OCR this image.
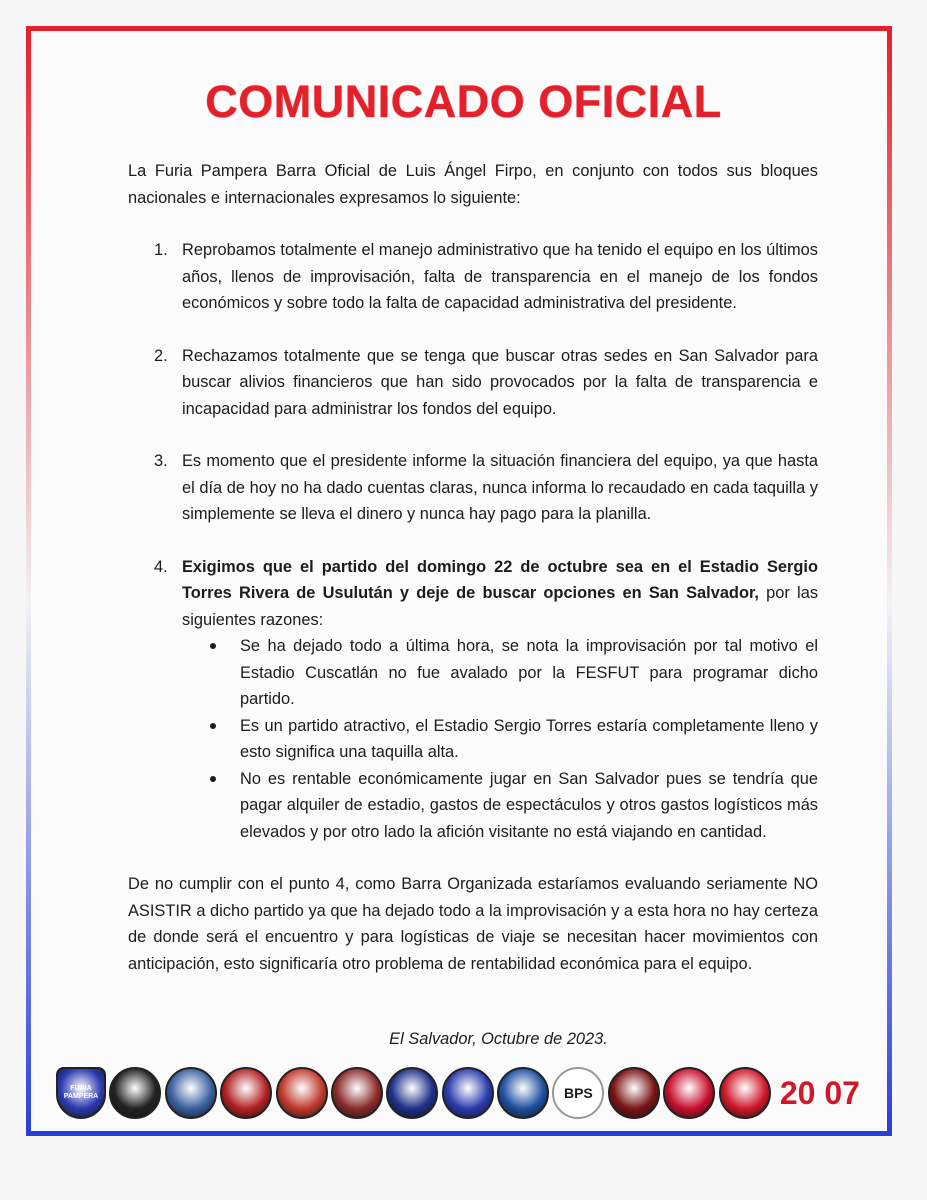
COMUNICADO OFICIAL

La Furia Pampera Barra Oficial de Luis Ángel Firpo, en conjunto con todos sus bloques nacionales e internacionales expresamos lo siguiente:

1. Reprobamos totalmente el manejo administrativo que ha tenido el equipo en los últimos años, llenos de improvisación, falta de transparencia en el manejo de los fondos económicos y sobre todo la falta de capacidad administrativa del presidente.
2. Rechazamos totalmente que se tenga que buscar otras sedes en San Salvador para buscar alivios financieros que han sido provocados por la falta de transparencia e incapacidad para administrar los fondos del equipo.
3. Es momento que el presidente informe la situación financiera del equipo, ya que hasta el día de hoy no ha dado cuentas claras, nunca informa lo recaudado en cada taquilla y simplemente se lleva el dinero y nunca hay pago para la planilla.
4. Exigimos que el partido del domingo 22 de octubre sea en el Estadio Sergio Torres Rivera de Usulután y deje de buscar opciones en San Salvador, por las siguientes razones:
Se ha dejado todo a última hora, se nota la improvisación por tal motivo el Estadio Cuscatlán no fue avalado por la FESFUT para programar dicho partido.
Es un partido atractivo, el Estadio Sergio Torres estaría completamente lleno y esto significa una taquilla alta.
No es rentable económicamente jugar en San Salvador pues se tendría que pagar alquiler de estadio, gastos de espectáculos y otros gastos logísticos más elevados y por otro lado la afición visitante no está viajando en cantidad.

De no cumplir con el punto 4, como Barra Organizada estaríamos evaluando seriamente NO ASISTIR a dicho partido ya que ha dejado todo a la improvisación y a esta hora no hay certeza de donde será el encuentro y para logísticas de viaje se necesitan hacer movimientos con anticipación, esto significaría otro problema de rentabilidad económica para el equipo.

El Salvador, Octubre de 2023.
FURIA PAMPERA	BPS	20 07
